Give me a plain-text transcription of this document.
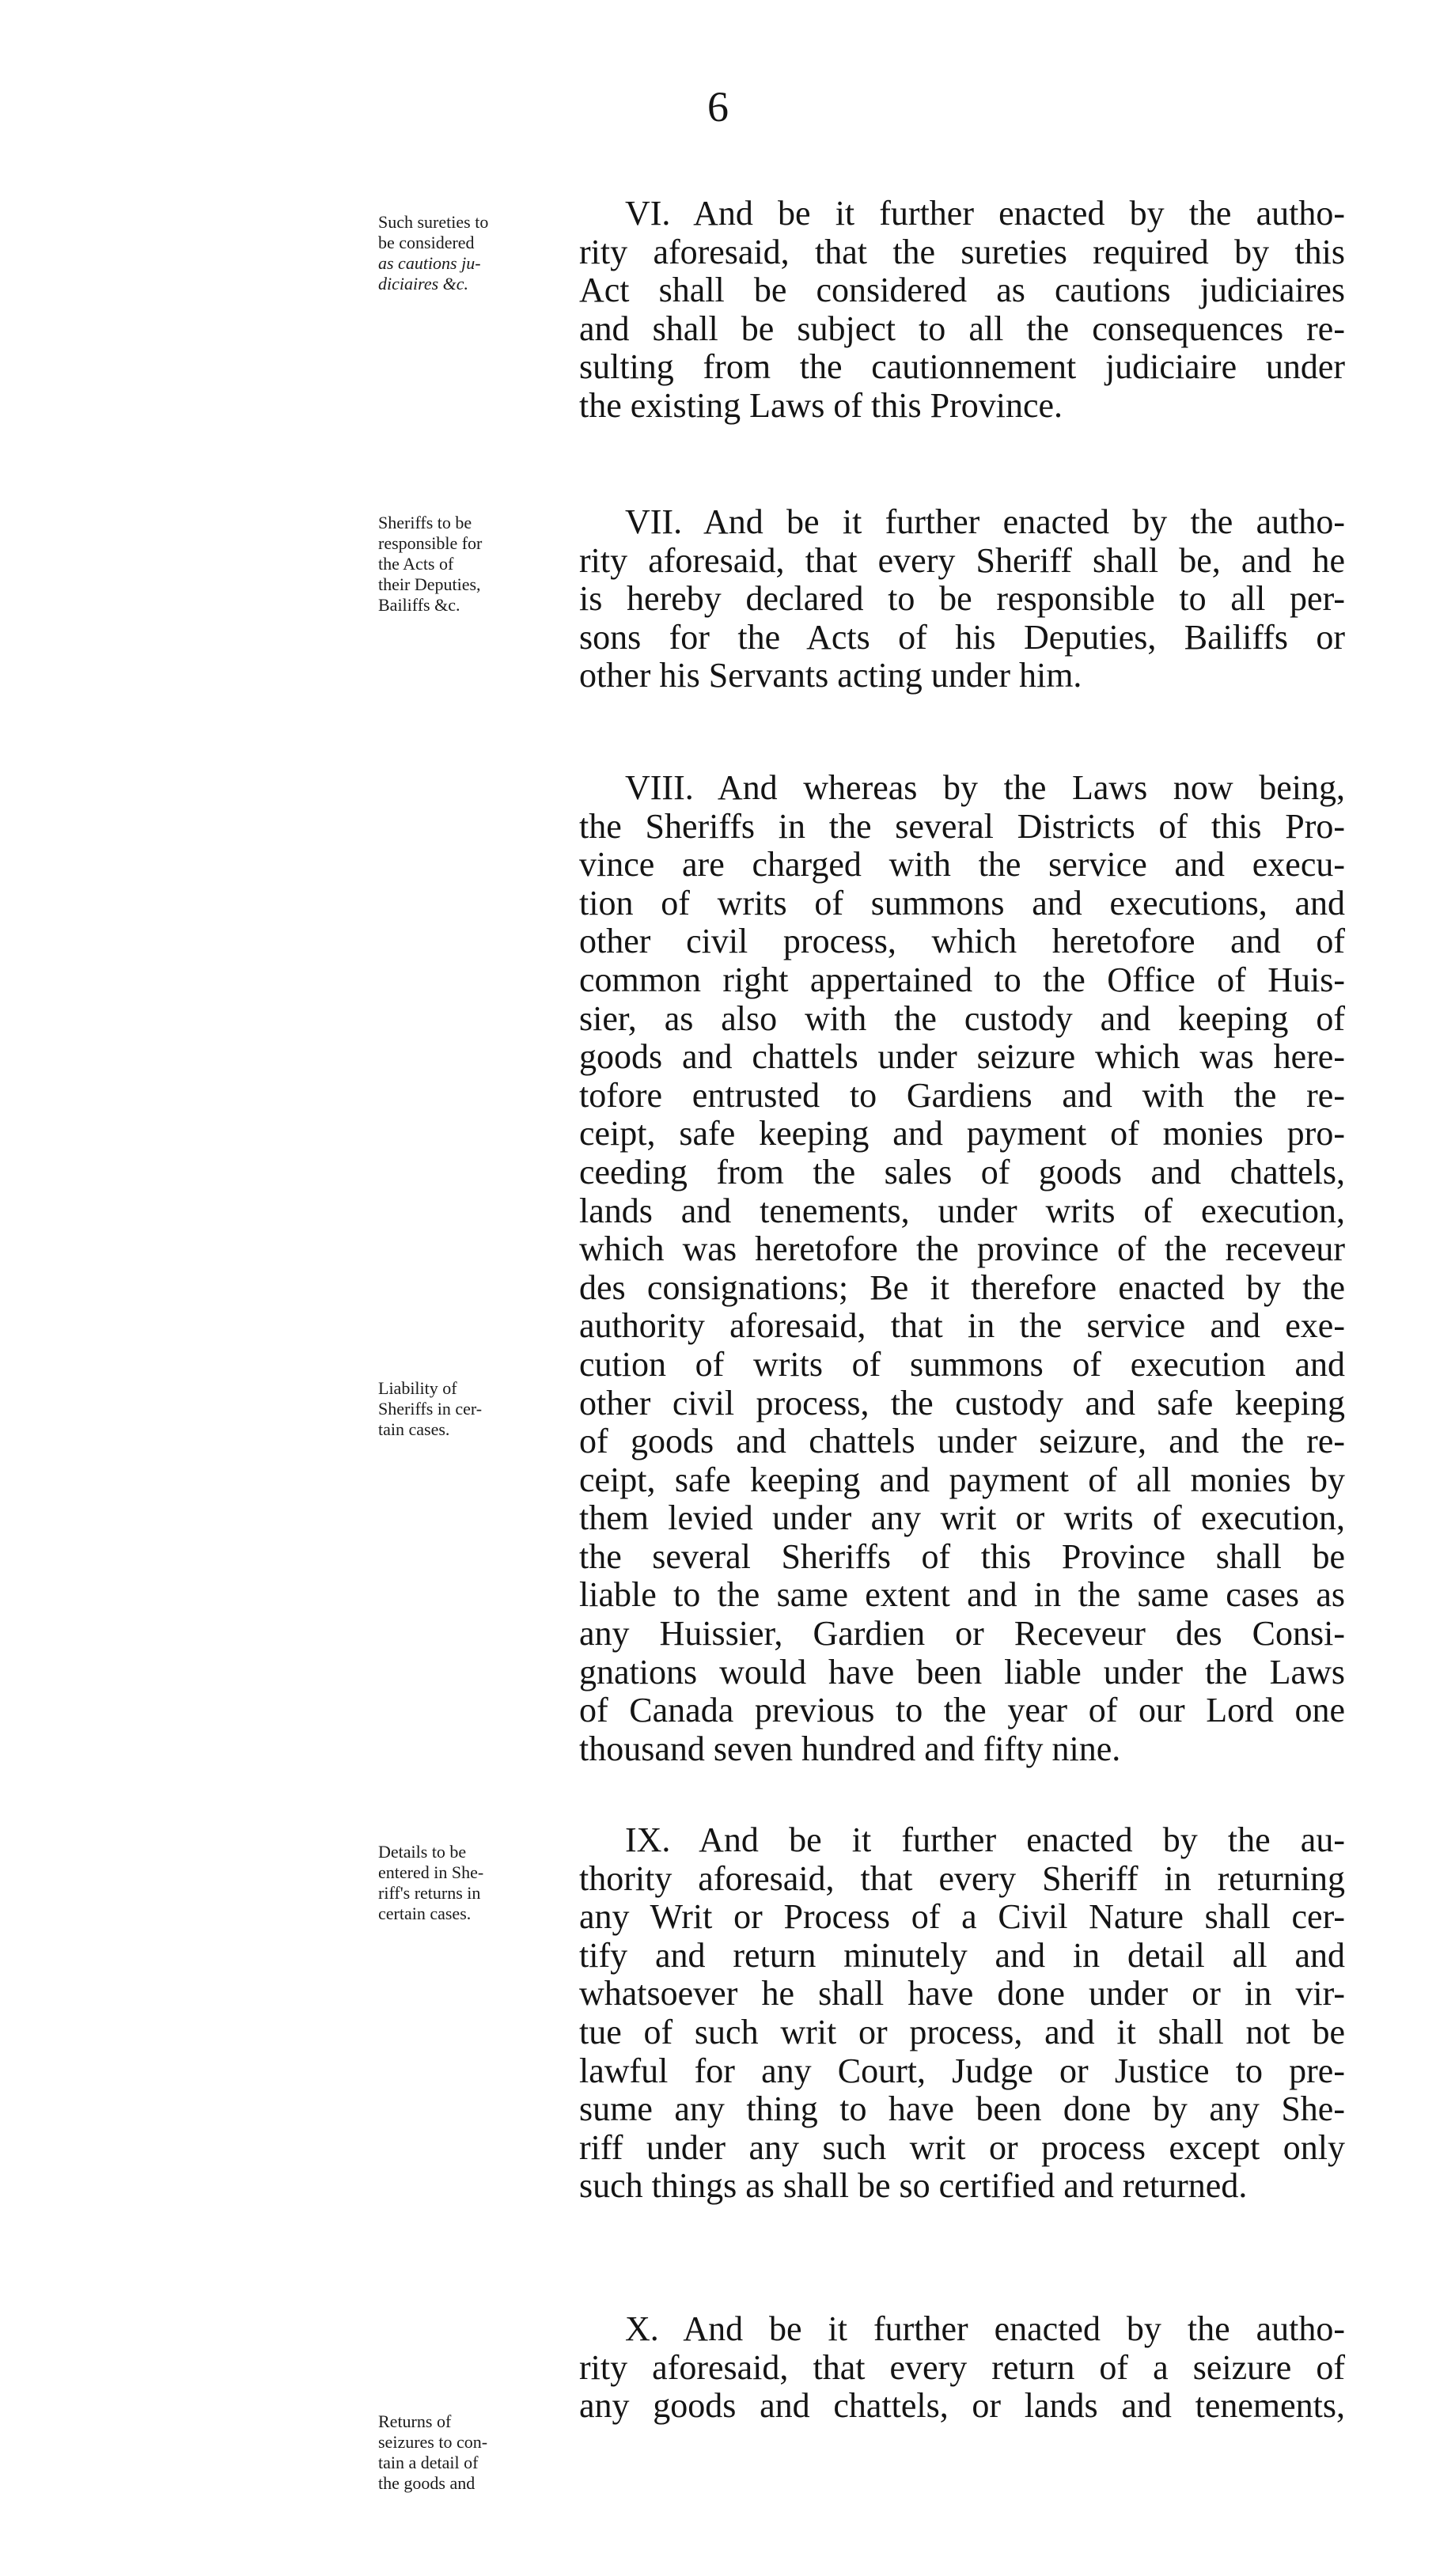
6
Such sureties to
be considered
as cautions ju-
diciaires &c.
VI. And be it further enacted by the autho-
rity aforesaid, that the sureties required by this
Act shall be considered as cautions judiciaires
and shall be subject to all the consequences re-
sulting from the cautionnement judiciaire under
the existing Laws of this Province.
Sheriffs to be
responsible for
the Acts of
their Deputies,
Bailiffs &c.
VII. And be it further enacted by the autho-
rity aforesaid, that every Sheriff shall be, and he
is hereby declared to be responsible to all per-
sons for the Acts of his Deputies, Bailiffs or
other his Servants acting under him.
Liability of
Sheriffs in cer-
tain cases.
VIII. And whereas by the Laws now being,
the Sheriffs in the several Districts of this Pro-
vince are charged with the service and execu-
tion of writs of summons and executions, and
other civil process, which heretofore and of
common right appertained to the Office of Huis-
sier, as also with the custody and keeping of
goods and chattels under seizure which was here-
tofore entrusted to Gardiens and with the re-
ceipt, safe keeping and payment of monies pro-
ceeding from the sales of goods and chattels,
lands and tenements, under writs of execution,
which was heretofore the province of the receveur
des consignations; Be it therefore enacted by the
authority aforesaid, that in the service and exe-
cution of writs of summons of execution and
other civil process, the custody and safe keeping
of goods and chattels under seizure, and the re-
ceipt, safe keeping and payment of all monies by
them levied under any writ or writs of execution,
the several Sheriffs of this Province shall be
liable to the same extent and in the same cases as
any Huissier, Gardien or Receveur des Consi-
gnations would have been liable under the Laws
of Canada previous to the year of our Lord one
thousand seven hundred and fifty nine.
Details to be
entered in She-
riff's returns in
certain cases.
IX. And be it further enacted by the au-
thority aforesaid, that every Sheriff in returning
any Writ or Process of a Civil Nature shall cer-
tify and return minutely and in detail all and
whatsoever he shall have done under or in vir-
tue of such writ or process, and it shall not be
lawful for any Court, Judge or Justice to pre-
sume any thing to have been done by any She-
riff under any such writ or process except only
such things as shall be so certified and returned.
Returns of
seizures to con-
tain a detail of
the goods and
X. And be it further enacted by the autho-
rity aforesaid, that every return of a seizure of
any goods and chattels, or lands and tenements,
